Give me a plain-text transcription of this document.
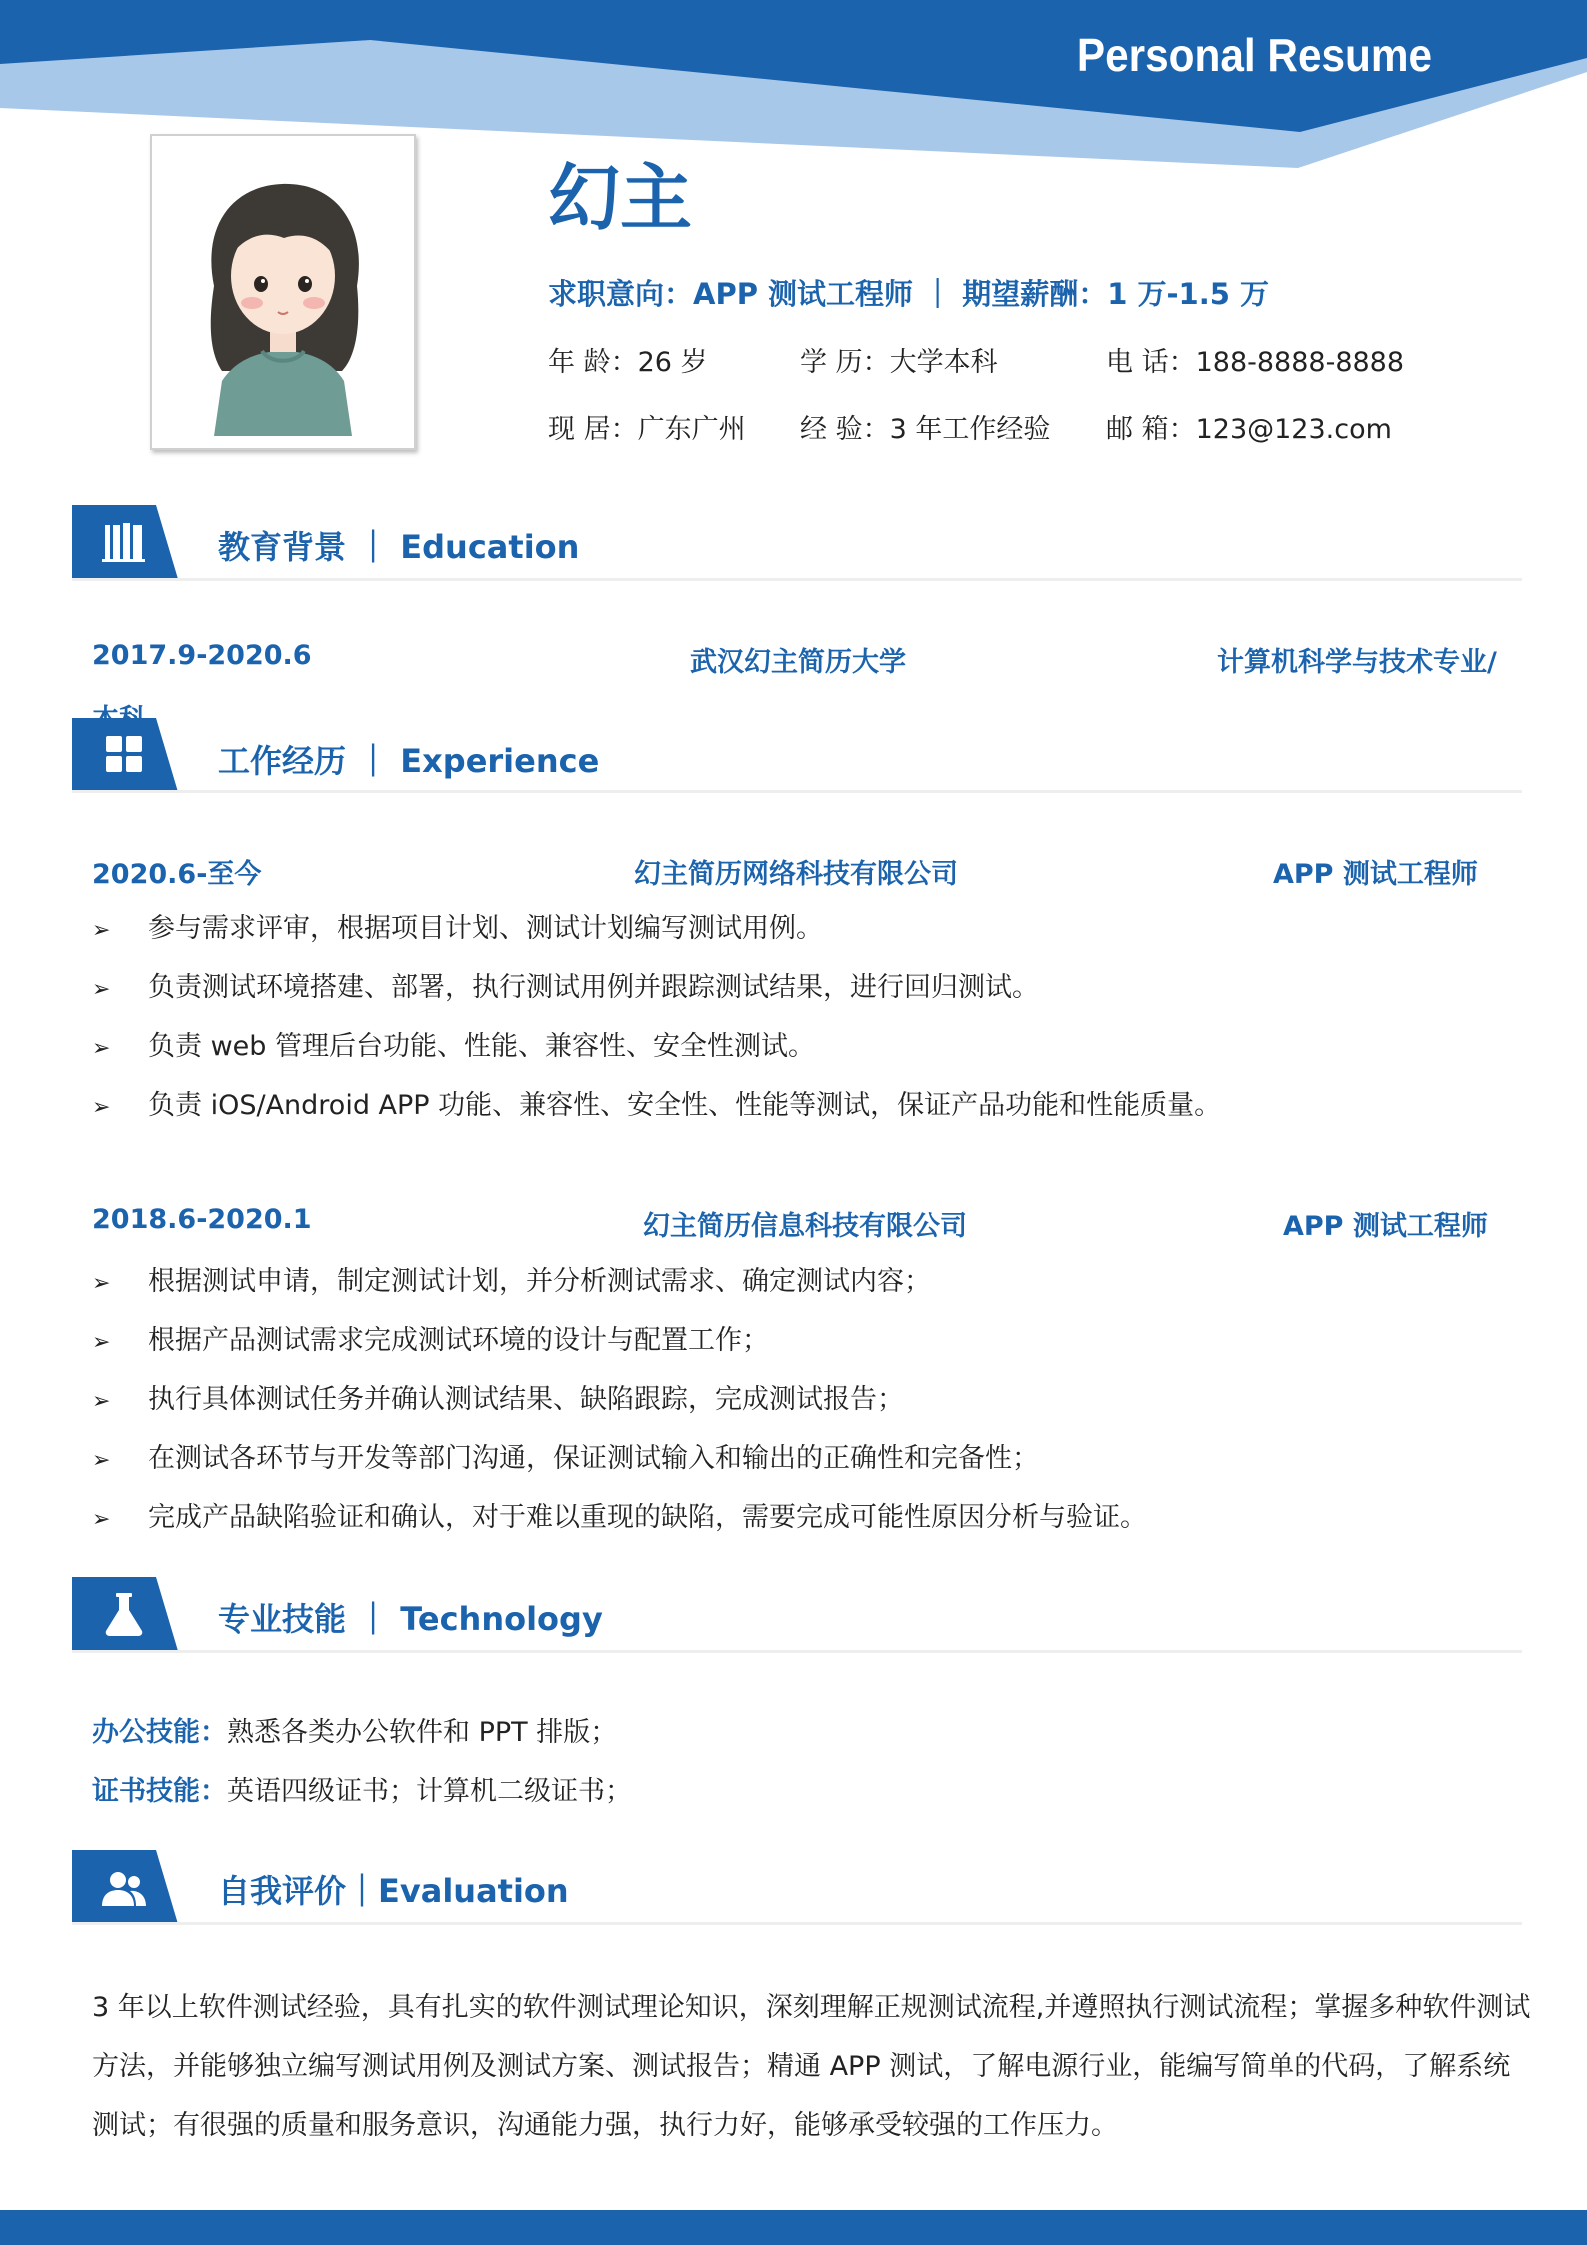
Personal Resume
幻主
求职意向：APP 测试工程师 ｜ 期望薪酬：1 万-1.5 万
年 龄：26 岁	学 历：大学本科	电 话：188-8888-8888
现 居：广东广州 经 验：3 年工作经验 邮 箱：123@123.com
教育背景 ｜ Education
2017.9-2020.6	武汉幻主简历大学	计算机科学与技术专业/
工作经历 ｜ Experience
2020.6-至今	幻主简历网络科技有限公司	APP 测试工程师
➢ 参与需求评审，根据项目计划、测试计划编写测试用例。
➢ 负责测试环境搭建、部署，执行测试用例并跟踪测试结果，进行回归测试。
➢ 负责 web 管理后台功能、性能、兼容性、安全性测试。
➢ 负责 iOS/Android APP 功能、兼容性、安全性、性能等测试，保证产品功能和性能质量。
2018.6-2020.1	幻主简历信息科技有限公司	APP 测试工程师
➢ 根据测试申请，制定测试计划，并分析测试需求、确定测试内容；
➢ 根据产品测试需求完成测试环境的设计与配置工作；
➢ 执行具体测试任务并确认测试结果、缺陷跟踪，完成测试报告；
➢ 在测试各环节与开发等部门沟通，保证测试输入和输出的正确性和完备性；
➢ 完成产品缺陷验证和确认，对于难以重现的缺陷，需要完成可能性原因分析与验证。
专业技能 ｜ Technology
办公技能：熟悉各类办公软件和 PPT 排版；
证书技能：英语四级证书；计算机二级证书；
自我评价｜Evaluation
3 年以上软件测试经验，具有扎实的软件测试理论知识，深刻理解正规测试流程,并遵照执行测试流程；掌握多种软件测试
方法，并能够独立编写测试用例及测试方案、测试报告；精通 APP 测试，了解电源行业，能编写简单的代码，了解系统
测试；有很强的质量和服务意识，沟通能力强，执行力好，能够承受较强的工作压力。
